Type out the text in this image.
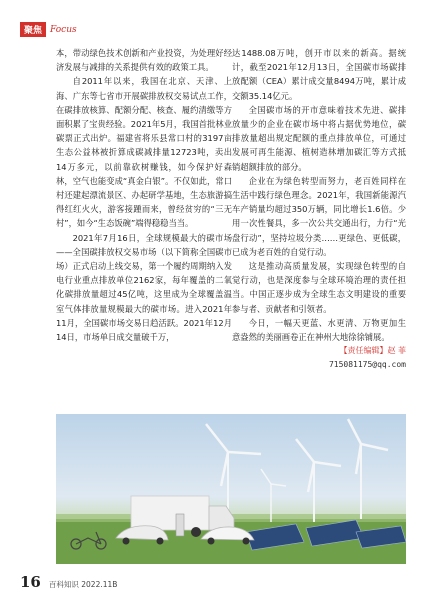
聚焦 Focus

本，带动绿色技术创新和产业投资，为处理好经济发展与减排的关系提供有效的政策工具。

自2011年以来，我国在北京、天津、上海、广东等七省市开展碳排放权交易试点工作，在碳排放核算、配额分配、核查、履约清缴等方面积累了宝贵经验。2021年5月，我国首批林业碳票正式出炉。福建省将乐县常口村的3197亩生态公益林被折算成碳减排量12723吨，卖出14万多元，以前靠砍树赚钱，如今保护好森林，空气也能变成“真金白银”。不仅如此，常口村还建起漂流景区、办起研学基地，生态旅游搞得红红火火，游客接踵而来，曾经贫穷的“三无村”，如今“生态饭碗”端得稳稳当当。

2021年7月16日，全球规模最大的碳市场——全国碳排放权交易市场（以下简称全国碳市场）正式启动上线交易，第一个履约周期纳入发电行业重点排放单位2162家，每年覆盖的二氧化碳排放量超过45亿吨，这里成为全球覆盖温室气体排放量规模最大的碳市场。进入2021年11月，全国碳市场交易日趋活跃。2021年12月14日，市场单日成交量破千万，

达1488.08万吨，创开市以来的新高。据统计，截至2021年12月13日，全国碳市场碳排放配额（CEA）累计成交量8494万吨，累计成交额35.14亿元。

全国碳市场的开市意味着技术先进、碳排放量少的企业在碳市场中将占据优势地位，碳排放量超出规定配额的重点排放单位，可通过发展可再生能源、植树造林增加碳汇等方式抵销超额排放的部分。

企业在为绿色转型而努力，老百姓同样在生活中践行绿色理念。2021年，我国新能源汽车产销量均超过350万辆，同比增长1.6倍。少用一次性餐具，多一次公共交通出行，力行“光盘行动”，坚持垃圾分类……更绿色、更低碳，已成为老百姓的自觉行动。

这是推动高质量发展，实现绿色转型的自觉行动，也是深度参与全球环境治理的责任担当。中国正逐步成为全球生态文明建设的重要参与者、贡献者和引领者。

今日，一幅天更蓝、水更清、万物更加生意盎然的美丽画卷正在神州大地徐徐铺展。

【责任编辑】赵 菲

715081175@qq.com

16 百科知识 2022.11B
